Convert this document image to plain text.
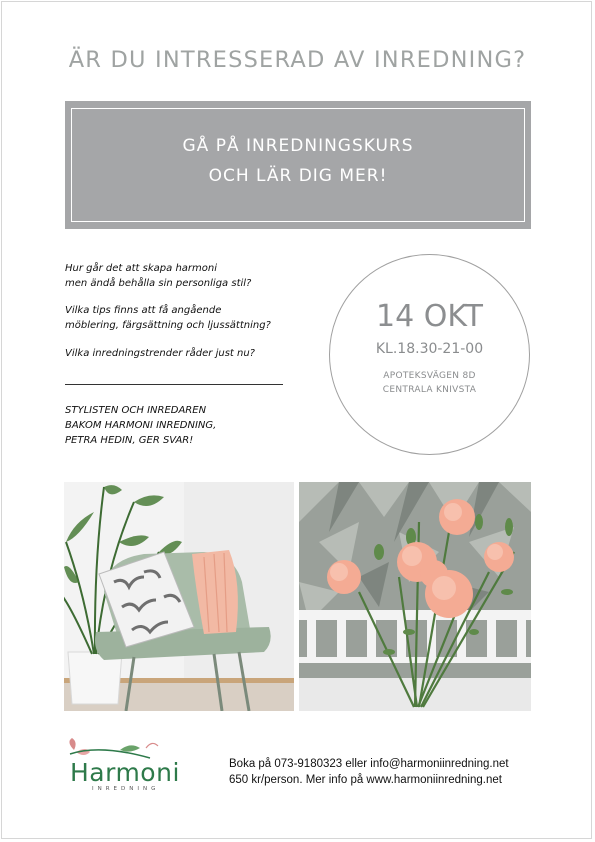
ÄR DU INTRESSERAD AV INREDNING?
GÅ PÅ INREDNINGSKURS
OCH LÄR DIG MER!
Hur går det att skapa harmoni
men ändå behålla sin personliga stil?
Vilka tips finns att få angående
möblering, färgsättning och ljussättning?
Vilka inredningstrender råder just nu?
STYLISTEN OCH INREDAREN
BAKOM HARMONI INREDNING,
PETRA HEDIN, GER SVAR!
14 OKT
KL.18.30-21-00
APOTEKSVÄGEN 8D
CENTRALA KNIVSTA
Harmoni
INREDNING
Boka på 073-9180323 eller info@harmoniinredning.net
650 kr/person. Mer info på www.harmoniinredning.net
